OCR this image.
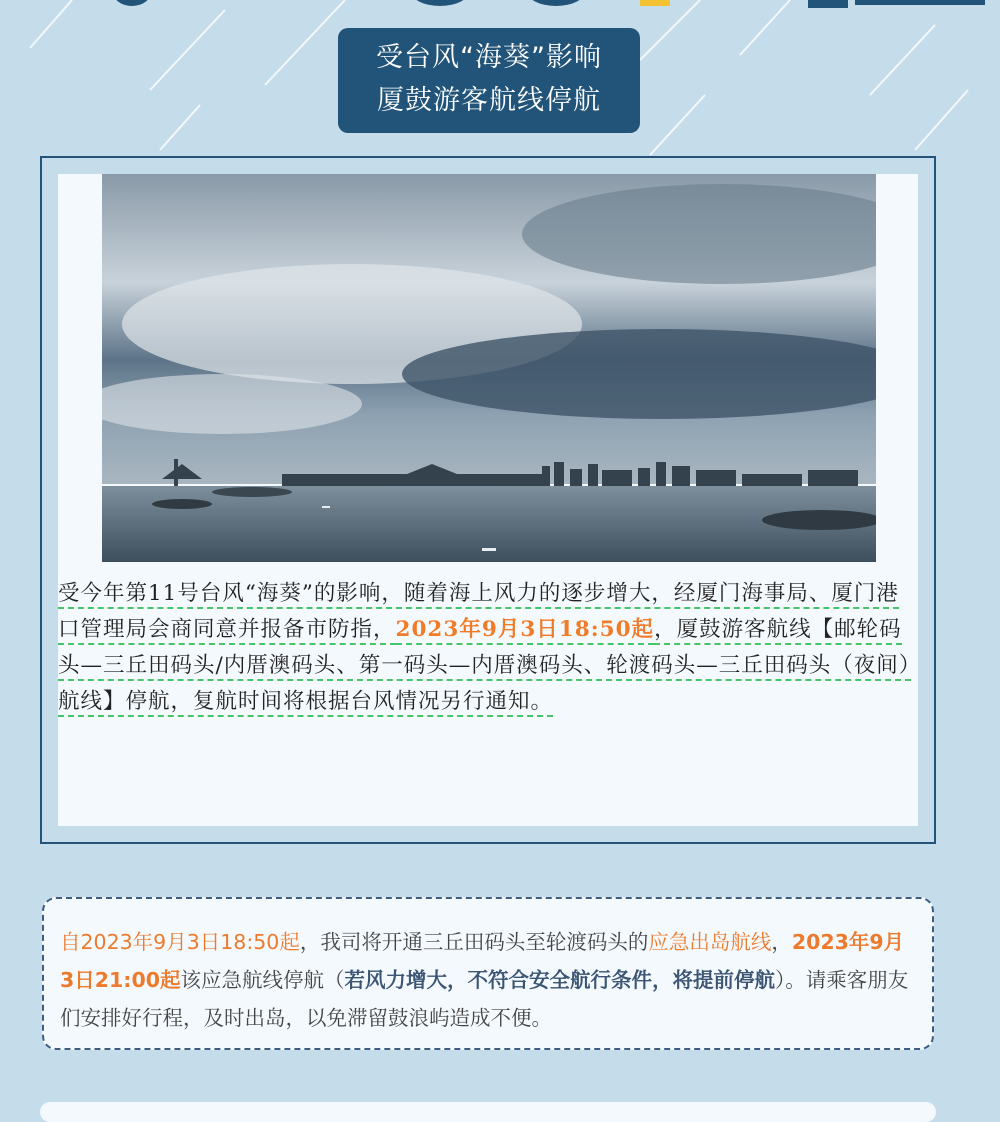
受台风“海葵”影响
厦鼓游客航线停航
受今年第11号台风“海葵”的影响，随着海上风力的逐步增大，经厦门海事局、厦门港口管理局会商同意并报备市防指，2023年9月3日18:50起，厦鼓游客航线【邮轮码头—三丘田码头/内厝澳码头、第一码头—内厝澳码头、轮渡码头—三丘田码头（夜间）航线】停航，复航时间将根据台风情况另行通知。
自2023年9月3日18:50起，我司将开通三丘田码头至轮渡码头的应急出岛航线，2023年9月3日21:00起该应急航线停航（若风力增大，不符合安全航行条件，将提前停航）。请乘客朋友们安排好行程，及时出岛，以免滞留鼓浪屿造成不便。
